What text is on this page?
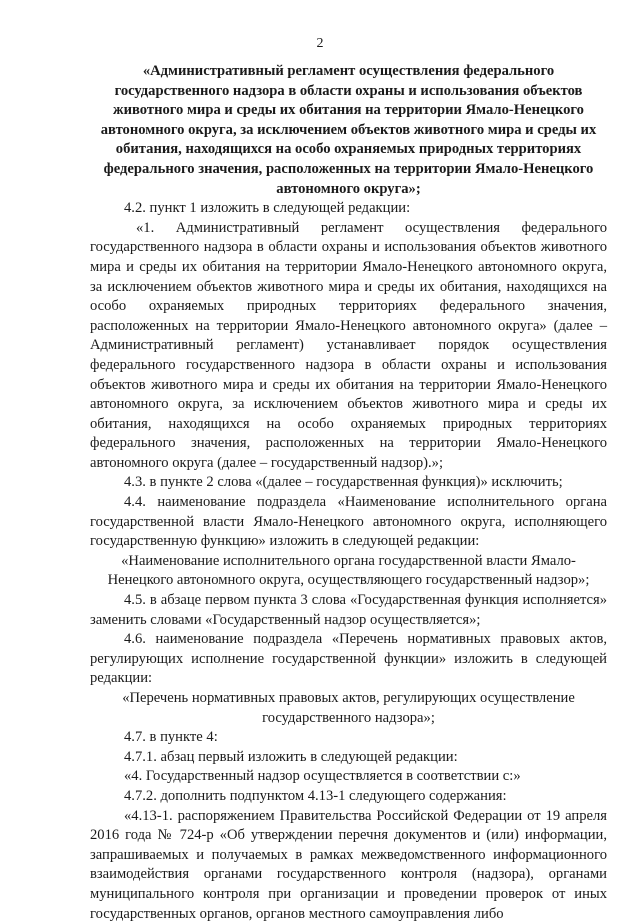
2

«Административный регламент осуществления федерального государственного надзора в области охраны и использования объектов животного мира и среды их обитания на территории Ямало-Ненецкого автономного округа, за исключением объектов животного мира и среды их обитания, находящихся на особо охраняемых природных территориях федерального значения, расположенных на территории Ямало-Ненецкого автономного округа»;

4.2. пункт 1 изложить в следующей редакции:

«1. Административный регламент осуществления федерального государственного надзора в области охраны и использования объектов животного мира и среды их обитания на территории Ямало-Ненецкого автономного округа, за исключением объектов животного мира и среды их обитания, находящихся на особо охраняемых природных территориях федерального значения, расположенных на территории Ямало-Ненецкого автономного округа» (далее – Административный регламент) устанавливает порядок осуществления федерального государственного надзора в области охраны и использования объектов животного мира и среды их обитания на территории Ямало-Ненецкого автономного округа, за исключением объектов животного мира и среды их обитания, находящихся на особо охраняемых природных территориях федерального значения, расположенных на территории Ямало-Ненецкого автономного округа (далее – государственный надзор).»;

4.3. в пункте 2 слова «(далее – государственная функция)» исключить;

4.4. наименование подраздела «Наименование исполнительного органа государственной власти Ямало-Ненецкого автономного округа, исполняющего государственную функцию» изложить в следующей редакции:

«Наименование исполнительного органа государственной власти Ямало-Ненецкого автономного округа, осуществляющего государственный надзор»;

4.5. в абзаце первом пункта 3 слова «Государственная функция исполняется» заменить словами «Государственный надзор осуществляется»;

4.6. наименование подраздела «Перечень нормативных правовых актов, регулирующих исполнение государственной функции» изложить в следующей редакции:

«Перечень нормативных правовых актов, регулирующих осуществление государственного надзора»;

4.7. в пункте 4:

4.7.1. абзац первый изложить в следующей редакции:

«4. Государственный надзор осуществляется в соответствии с:»

4.7.2. дополнить подпунктом 4.13-1 следующего содержания:

«4.13-1. распоряжением Правительства Российской Федерации от 19 апреля 2016 года № 724-р «Об утверждении перечня документов и (или) информации, запрашиваемых и получаемых в рамках межведомственного информационного взаимодействия органами государственного контроля (надзора), органами муниципального контроля при организации и проведении проверок от иных государственных органов, органов местного самоуправления либо
